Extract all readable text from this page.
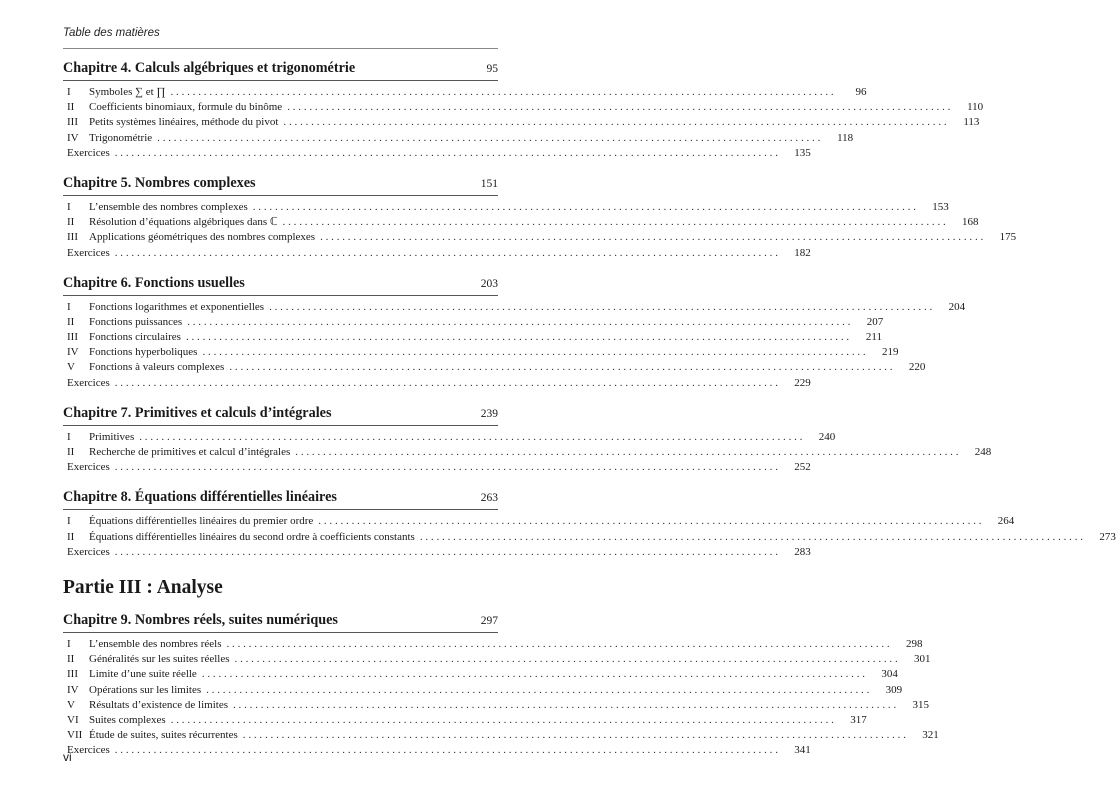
Table des matières
Chapitre 4. Calculs algébriques et trigonométrie	95
I	Symboles ∑ et ∏ ........................................................................................................................	96
II	Coefficients binomiaux, formule du binôme ........................................................................................................................	110
III	Petits systèmes linéaires, méthode du pivot ........................................................................................................................	113
IV Trigonométrie ........................................................................................................................	118
Exercices ........................................................................................................................	135
Chapitre 5. Nombres complexes	151
I	L’ensemble des nombres complexes ........................................................................................................................	153
II	Résolution d’équations algébriques dans ℂ ........................................................................................................................	168
III	Applications géométriques des nombres complexes ........................................................................................................................	175
Exercices ........................................................................................................................	182
Chapitre 6. Fonctions usuelles	203
I	Fonctions logarithmes et exponentielles ........................................................................................................................	204
II	Fonctions puissances ........................................................................................................................	207
III	Fonctions circulaires ........................................................................................................................	211
IV Fonctions hyperboliques ........................................................................................................................	219
V	Fonctions à valeurs complexes ........................................................................................................................	220
Exercices ........................................................................................................................	229
Chapitre 7. Primitives et calculs d’intégrales	239
I	Primitives ........................................................................................................................	240
II	Recherche de primitives et calcul d’intégrales ........................................................................................................................	248
Exercices ........................................................................................................................	252
Chapitre 8. Équations différentielles linéaires	263
I	Équations différentielles linéaires du premier ordre ........................................................................................................................	264
II	Équations différentielles linéaires du second ordre à coefficients constants ........................................................................................................................	273
Exercices ........................................................................................................................	283
Partie III : Analyse
Chapitre 9. Nombres réels, suites numériques	297
I	L’ensemble des nombres réels ........................................................................................................................	298
II	Généralités sur les suites réelles ........................................................................................................................	301
III	Limite d’une suite réelle ........................................................................................................................	304
IV Opérations sur les limites ........................................................................................................................	309
V	Résultats d’existence de limites ........................................................................................................................	315
VI Suites complexes ........................................................................................................................	317
VII Étude de suites, suites récurrentes ........................................................................................................................	321
Exercices ........................................................................................................................	341
vi
